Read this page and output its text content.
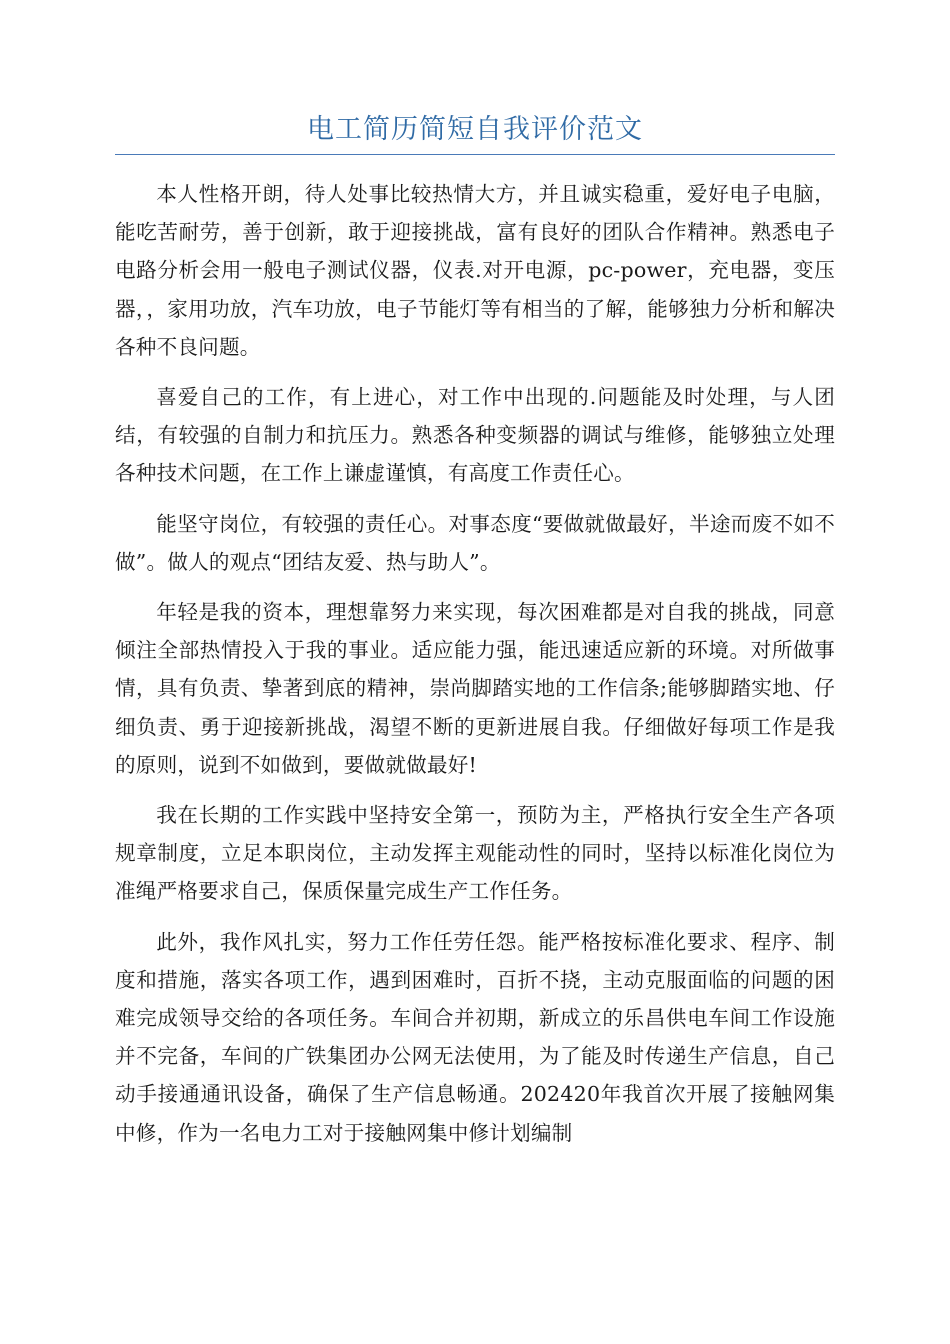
电工简历简短自我评价范文

本人性格开朗，待人处事比较热情大方，并且诚实稳重，爱好电子电脑，能吃苦耐劳，善于创新，敢于迎接挑战，富有良好的团队合作精神。熟悉电子电路分析会用一般电子测试仪器，仪表.对开电源，pc-power，充电器，变压器，，家用功放，汽车功放，电子节能灯等有相当的了解，能够独力分析和解决各种不良问题。

喜爱自己的工作，有上进心，对工作中出现的.问题能及时处理，与人团结，有较强的自制力和抗压力。熟悉各种变频器的调试与维修，能够独立处理各种技术问题，在工作上谦虚谨慎，有高度工作责任心。

能坚守岗位，有较强的责任心。对事态度“要做就做最好，半途而废不如不做”。做人的观点“团结友爱、热与助人”。

年轻是我的资本，理想靠努力来实现，每次困难都是对自我的挑战，同意倾注全部热情投入于我的事业。适应能力强，能迅速适应新的环境。对所做事情，具有负责、挚著到底的精神，崇尚脚踏实地的工作信条;能够脚踏实地、仔细负责、勇于迎接新挑战，渴望不断的更新进展自我。仔细做好每项工作是我的原则，说到不如做到，要做就做最好!

我在长期的工作实践中坚持安全第一，预防为主，严格执行安全生产各项规章制度，立足本职岗位，主动发挥主观能动性的同时，坚持以标准化岗位为准绳严格要求自己，保质保量完成生产工作任务。

此外，我作风扎实，努力工作任劳任怨。能严格按标准化要求、程序、制度和措施，落实各项工作，遇到困难时，百折不挠，主动克服面临的问题的困难完成领导交给的各项任务。车间合并初期，新成立的乐昌供电车间工作设施并不完备，车间的广铁集团办公网无法使用，为了能及时传递生产信息，自己动手接通通讯设备，确保了生产信息畅通。202420年我首次开展了接触网集中修，作为一名电力工对于接触网集中修计划编制
